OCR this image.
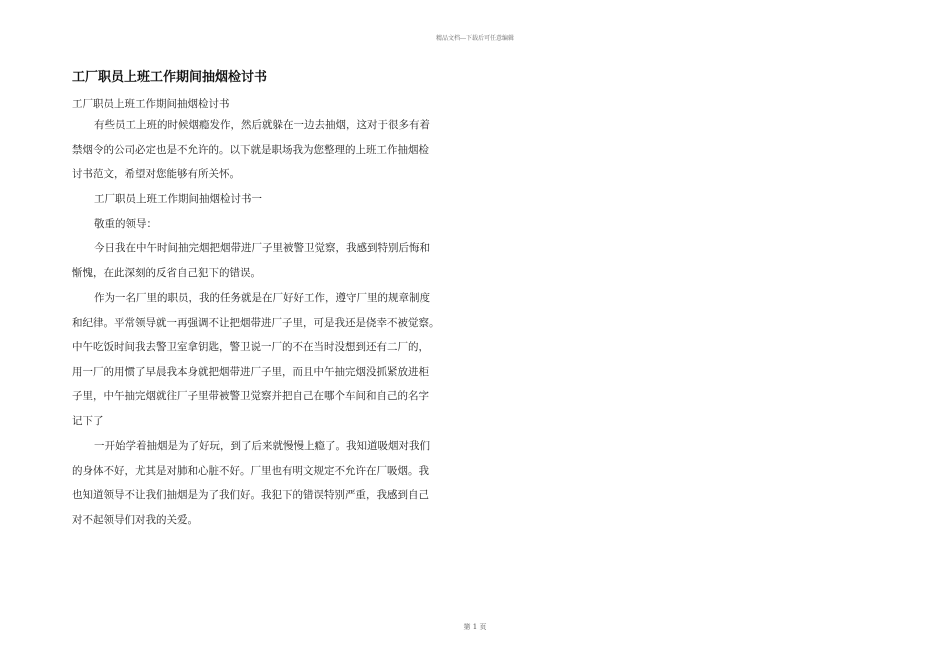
精品文档---下载后可任意编辑
工厂职员上班工作期间抽烟检讨书
工厂职员上班工作期间抽烟检讨书
有些员工上班的时候烟瘾发作，然后就躲在一边去抽烟，这对于很多有着
禁烟令的公司必定也是不允许的。以下就是职场我为您整理的上班工作抽烟检
讨书范文，希望对您能够有所关怀。
工厂职员上班工作期间抽烟检讨书一
敬重的领导：
今日我在中午时间抽完烟把烟带进厂子里被警卫觉察，我感到特别后悔和
惭愧，在此深刻的反省自己犯下的错误。
作为一名厂里的职员，我的任务就是在厂好好工作，遵守厂里的规章制度
和纪律。平常领导就一再强调不让把烟带进厂子里，可是我还是侥幸不被觉察。
中午吃饭时间我去警卫室拿钥匙，警卫说一厂的不在当时没想到还有二厂的，
用一厂的用惯了早晨我本身就把烟带进厂子里，而且中午抽完烟没抓紧放进柜
子里，中午抽完烟就往厂子里带被警卫觉察并把自己在哪个车间和自己的名字
记下了
一开始学着抽烟是为了好玩，到了后来就慢慢上瘾了。我知道吸烟对我们
的身体不好，尤其是对肺和心脏不好。厂里也有明文规定不允许在厂吸烟。我
也知道领导不让我们抽烟是为了我们好。我犯下的错误特别严重，我感到自己
对不起领导们对我的关爱。
第 1 页
